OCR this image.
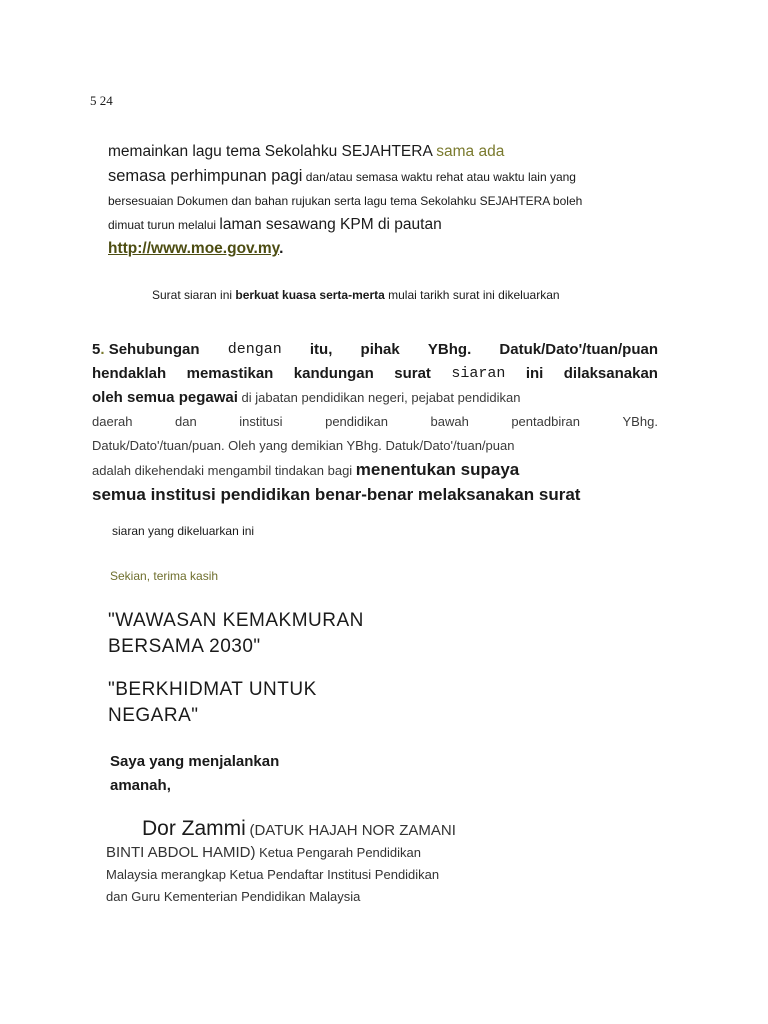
5 24
memainkan lagu tema Sekolahku SEJAHTERA sama ada
semasa perhimpunan pagi dan/atau semasa waktu rehat atau waktu lain yang
bersesuaian Dokumen dan bahan rujukan serta lagu tema Sekolahku SEJAHTERA boleh
dimuat turun melalui laman sesawang KPM di pautan
http://www.moe.gov.my.
Surat siaran ini berkuat kuasa serta-merta mulai tarikh surat ini dikeluarkan
5. Sehubungan dengan itu, pihak YBhg. Datuk/Dato'/tuan/puan
hendaklah memastikan kandungan surat siaran ini dilaksanakan
oleh semua pegawai di jabatan pendidikan negeri, pejabat pendidikan
daerah	dan	institusi	pendidikan	bawah	pentadbiran	YBhg.
Datuk/Dato'/tuan/puan. Oleh yang demikian YBhg. Datuk/Dato'/tuan/puan
adalah dikehendaki mengambil tindakan bagi menentukan supaya
semua institusi pendidikan benar-benar melaksanakan surat
siaran yang dikeluarkan ini
Sekian, terima kasih
"WAWASAN KEMAKMURAN
BERSAMA 2030"
"BERKHIDMAT UNTUK
NEGARA"
Saya yang menjalankan
amanah,
Dor Zammi (DATUK HAJAH NOR ZAMANI
BINTI ABDOL HAMID) Ketua Pengarah Pendidikan
Malaysia merangkap Ketua Pendaftar Institusi Pendidikan
dan Guru Kementerian Pendidikan Malaysia
